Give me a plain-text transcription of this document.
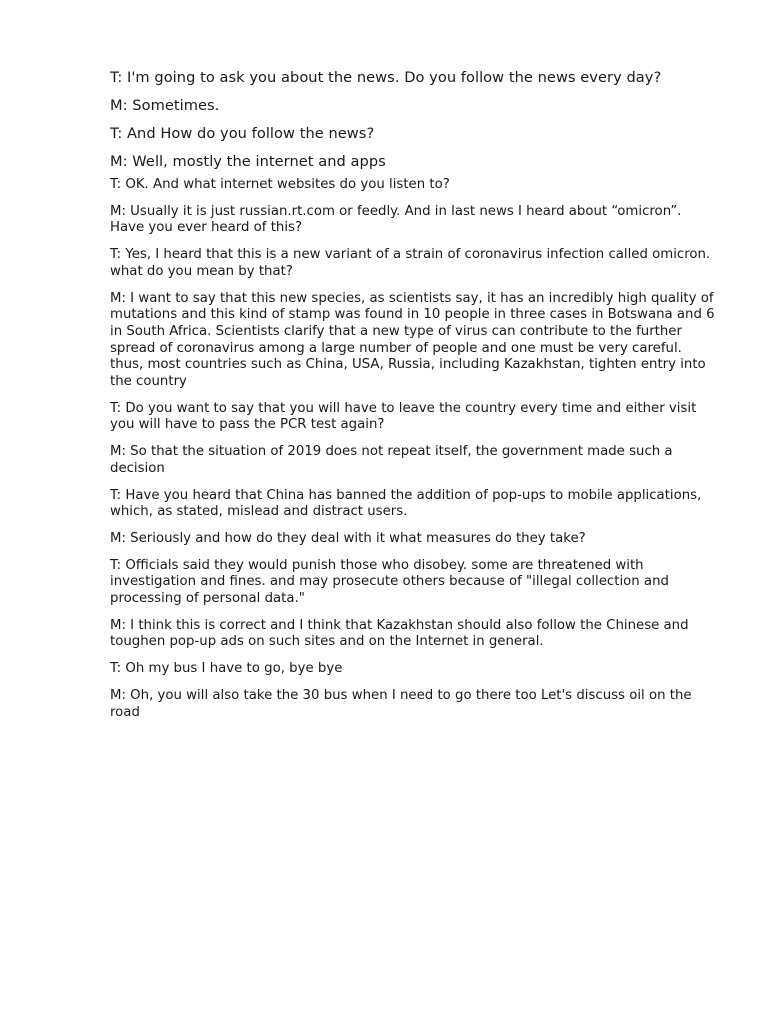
T: I'm going to ask you about the news. Do you follow the news every day?

M: Sometimes.

T: And How do you follow the news?

M: Well, mostly the internet and apps

T: OK. And what internet websites do you listen to?

M: Usually it is just russian.rt.com or feedly. And in last news I heard about “omicron”. Have you ever heard of this?

T: Yes, I heard that this is a new variant of a strain of coronavirus infection called omicron. what do you mean by that?

M: I want to say that this new species, as scientists say, it has an incredibly high quality of mutations and this kind of stamp was found in 10 people in three cases in Botswana and 6 in South Africa. Scientists clarify that a new type of virus can contribute to the further spread of coronavirus among a large number of people and one must be very careful. thus, most countries such as China, USA, Russia, including Kazakhstan, tighten entry into the country

T: Do you want to say that you will have to leave the country every time and either visit you will have to pass the PCR test again?

M: So that the situation of 2019 does not repeat itself, the government made such a decision

T: Have you heard that China has banned the addition of pop-ups to mobile applications, which, as stated, mislead and distract users.

M: Seriously and how do they deal with it what measures do they take?

T: Officials said they would punish those who disobey. some are threatened with investigation and fines. and may prosecute others because of "illegal collection and processing of personal data."

M: I think this is correct and I think that Kazakhstan should also follow the Chinese and toughen pop-up ads on such sites and on the Internet in general.

T: Oh my bus I have to go, bye bye

M: Oh, you will also take the 30 bus when I need to go there too Let's discuss oil on the road
